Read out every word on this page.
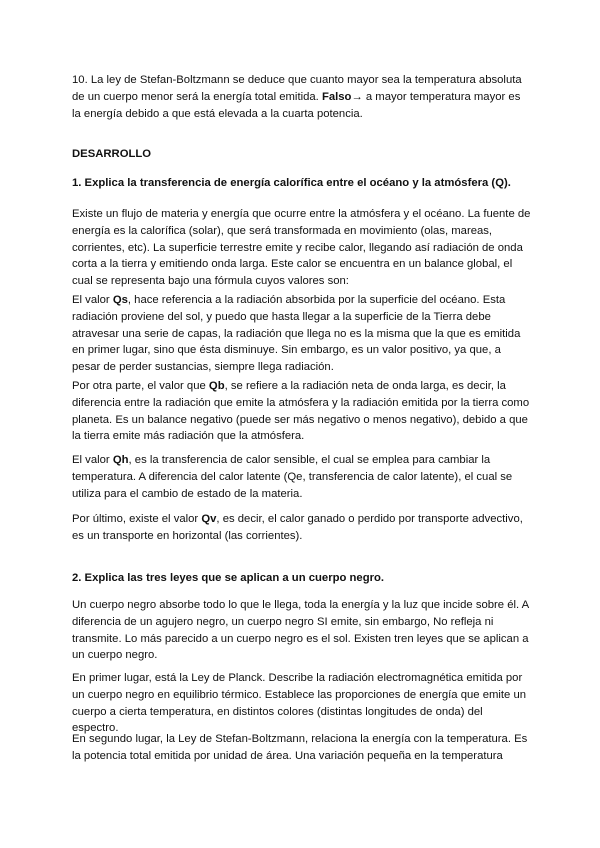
10. La ley de Stefan-Boltzmann se deduce que cuanto mayor sea la temperatura absoluta de un cuerpo menor será la energía total emitida. Falso→ a mayor temperatura mayor es la energía debido a que está elevada a la cuarta potencia.

DESARROLLO

1. Explica la transferencia de energía calorífica entre el océano y la atmósfera (Q).

Existe un flujo de materia y energía que ocurre entre la atmósfera y el océano. La fuente de energía es la calorífica (solar), que será transformada en movimiento (olas, mareas, corrientes, etc). La superficie terrestre emite y recibe calor, llegando así radiación de onda corta a la tierra y emitiendo onda larga. Este calor se encuentra en un balance global, el cual se representa bajo una fórmula cuyos valores son:

El valor Qs, hace referencia a la radiación absorbida por la superficie del océano. Esta radiación proviene del sol, y puedo que hasta llegar a la superficie de la Tierra debe atravesar una serie de capas, la radiación que llega no es la misma que la que es emitida en primer lugar, sino que ésta disminuye. Sin embargo, es un valor positivo, ya que, a pesar de perder sustancias, siempre llega radiación.

Por otra parte, el valor que Qb, se refiere a la radiación neta de onda larga, es decir, la diferencia entre la radiación que emite la atmósfera y la radiación emitida por la tierra como planeta. Es un balance negativo (puede ser más negativo o menos negativo), debido a que la tierra emite más radiación que la atmósfera.

El valor Qh, es la transferencia de calor sensible, el cual se emplea para cambiar la temperatura. A diferencia del calor latente (Qe, transferencia de calor latente), el cual se utiliza para el cambio de estado de la materia.

Por último, existe el valor Qv, es decir, el calor ganado o perdido por transporte advectivo, es un transporte en horizontal (las corrientes).

2. Explica las tres leyes que se aplican a un cuerpo negro.

Un cuerpo negro absorbe todo lo que le llega, toda la energía y la luz que incide sobre él. A diferencia de un agujero negro, un cuerpo negro SI emite, sin embargo, No refleja ni transmite. Lo más parecido a un cuerpo negro es el sol. Existen tren leyes que se aplican a un cuerpo negro.

En primer lugar, está la Ley de Planck. Describe la radiación electromagnética emitida por un cuerpo negro en equilibrio térmico. Establece las proporciones de energía que emite un cuerpo a cierta temperatura, en distintos colores (distintas longitudes de onda) del espectro.

En segundo lugar, la Ley de Stefan-Boltzmann, relaciona la energía con la temperatura. Es la potencia total emitida por unidad de área. Una variación pequeña en la temperatura
